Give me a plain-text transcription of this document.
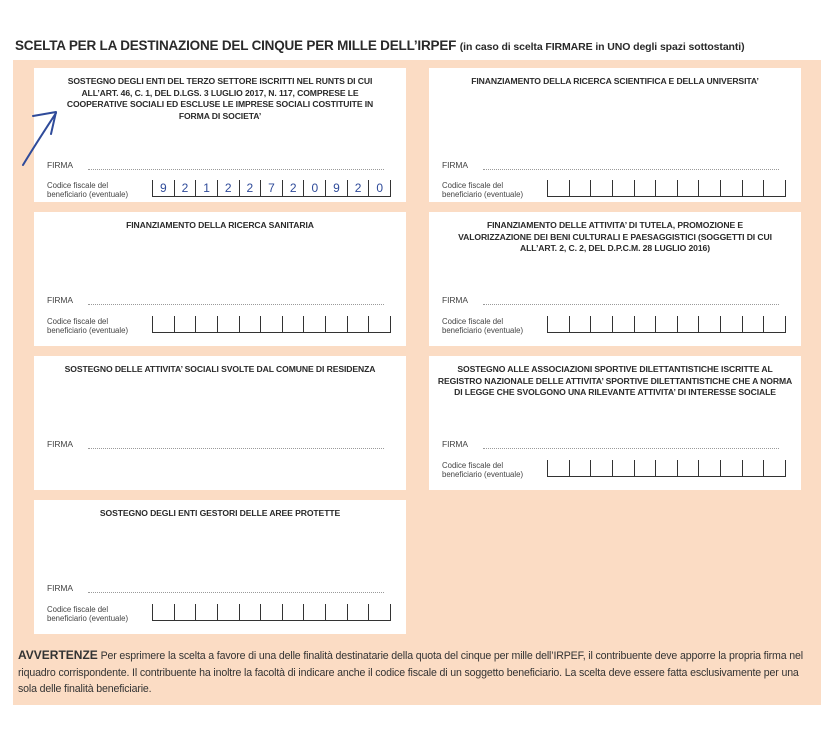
SCELTA PER LA DESTINAZIONE DEL CINQUE PER MILLE DELL’IRPEF (in caso di scelta FIRMARE in UNO degli spazi sottostanti)
SOSTEGNO DEGLI ENTI DEL TERZO SETTORE ISCRITTI NEL RUNTS DI CUI ALL’ART. 46, C. 1, DEL D.LGS. 3 LUGLIO 2017, N. 117, COMPRESE LE COOPERATIVE SOCIALI ED ESCLUSE LE IMPRESE SOCIALI COSTITUITE IN FORMA DI SOCIETA’
FIRMA
Codice fiscale del
beneficiario (eventuale)	9	2	1	2	2	7	2	0	9	2	0
FINANZIAMENTO DELLA RICERCA SCIENTIFICA E DELLA UNIVERSITA’
FIRMA
Codice fiscale del
beneficiario (eventuale)
FINANZIAMENTO DELLA RICERCA SANITARIA
FIRMA
Codice fiscale del
beneficiario (eventuale)
FINANZIAMENTO DELLE ATTIVITA’ DI TUTELA, PROMOZIONE E VALORIZZAZIONE DEI BENI CULTURALI E PAESAGGISTICI (SOGGETTI DI CUI ALL’ART. 2, C. 2, DEL D.P.C.M. 28 LUGLIO 2016)
FIRMA
Codice fiscale del
beneficiario (eventuale)
SOSTEGNO DELLE ATTIVITA’ SOCIALI SVOLTE DAL COMUNE DI RESIDENZA
FIRMA
SOSTEGNO ALLE ASSOCIAZIONI SPORTIVE DILETTANTISTICHE ISCRITTE AL REGISTRO NAZIONALE DELLE ATTIVITA’ SPORTIVE DILETTANTISTICHE CHE A NORMA DI LEGGE CHE SVOLGONO UNA RILEVANTE ATTIVITA’ DI INTERESSE SOCIALE
FIRMA
Codice fiscale del
beneficiario (eventuale)
SOSTEGNO DEGLI ENTI GESTORI DELLE AREE PROTETTE
FIRMA
Codice fiscale del
beneficiario (eventuale)
AVVERTENZE Per esprimere la scelta a favore di una delle finalità destinatarie della quota del cinque per mille dell’IRPEF, il contribuente deve apporre la propria firma nel riquadro corrispondente. Il contribuente ha inoltre la facoltà di indicare anche il codice fiscale di un soggetto beneficiario. La scelta deve essere fatta esclusivamente per una sola delle finalità beneficiarie.
